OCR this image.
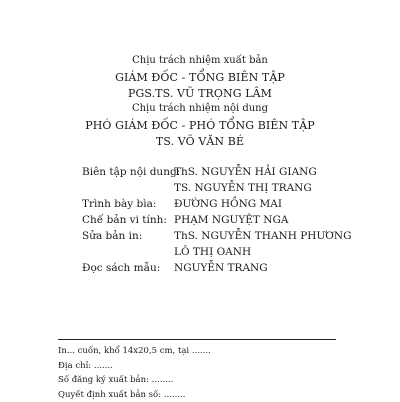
Chịu trách nhiệm xuất bản
GIÁM ĐỐC - TỔNG BIÊN TẬP
PGS.TS. VŨ TRỌNG LÂM
Chịu trách nhiệm nội dung
PHÓ GIÁM ĐỐC - PHÓ TỔNG BIÊN TẬP
TS. VÕ VĂN BÉ
Biên tập nội dung:
ThS. NGUYỄN HẢI GIANG
TS. NGUYỄN THỊ TRANG
Trình bày bìa: ĐƯỜNG HỒNG MAI
Chế bản vi tính: PHẠM NGUYỆT NGA
Sửa bản in:	ThS. NGUYỄN THANH PHƯƠNG
LÔ THỊ OANH
Đọc sách mẫu: NGUYỄN TRANG
In... cuốn, khổ 14x20,5 cm, tại .......
Địa chỉ: .......
Số đăng ký xuất bản: ........
Quyết định xuất bản số: ........
